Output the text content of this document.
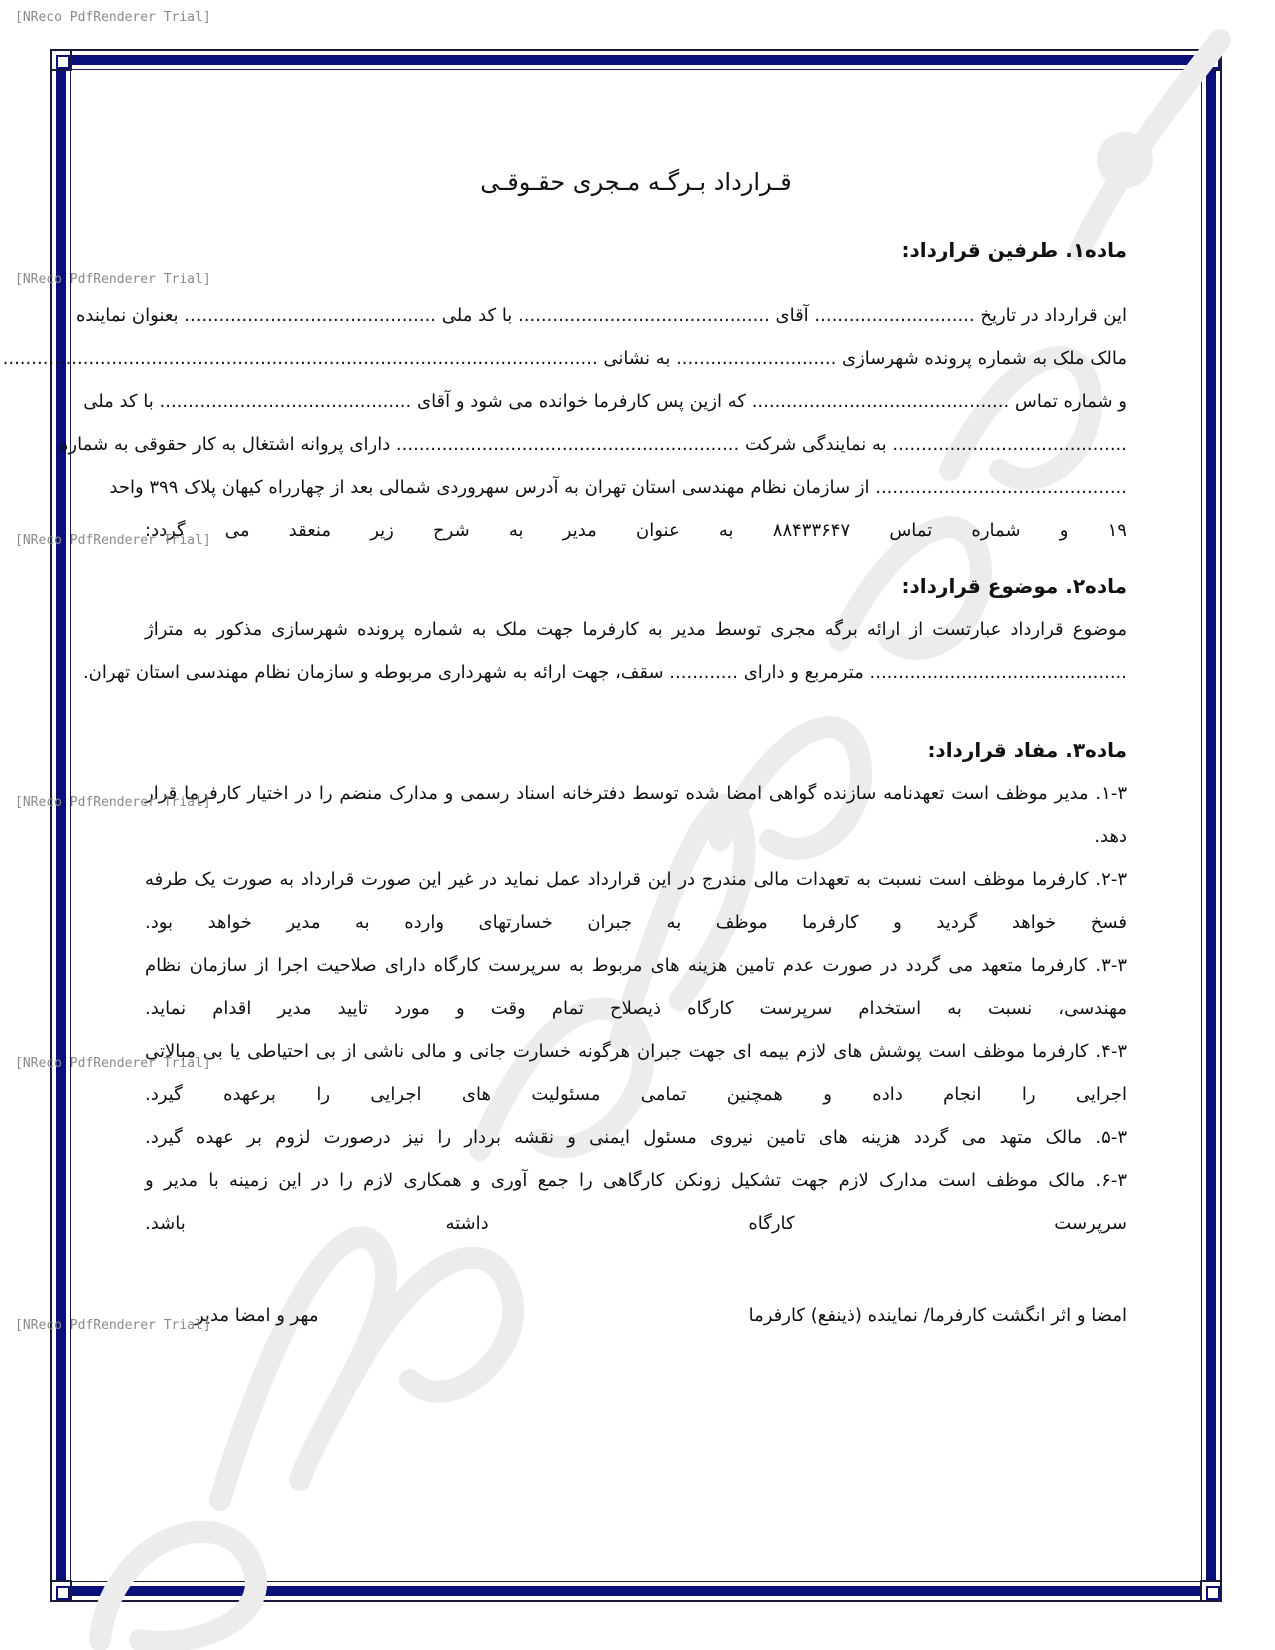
[NReco PdfRenderer Trial]
[NReco PdfRenderer Trial]
[NReco PdfRenderer Trial]
[NReco PdfRenderer Trial]
[NReco PdfRenderer Trial]
[NReco PdfRenderer Trial]
قـرارداد بـرگـه مـجری حقـوقـی
ماده۱. طرفین قرارداد:
این قرارداد در تاریخ ............................ آقای ............................................ با کد ملی ............................................ بعنوان نماینده
مالک ملک به شماره پرونده شهرسازی ............................ به نشانی ........................................................................................................
و شماره تماس ............................................. که ازین پس کارفرما خوانده می شود و آقای ............................................ با کد ملی
......................................... به نمایندگی شرکت ............................................................ دارای پروانه اشتغال به کار حقوقی به شماره
............................................ از سازمان نظام مهندسی استان تهران به آدرس سهروردی شمالی بعد از چهارراه کیهان پلاک ۳۹۹ واحد
۱۹ و شماره تماس ۸۸۴۳۳۶۴۷ به عنوان مدیر به شرح زیر منعقد می گردد:
ماده۲. موضوع قرارداد:
موضوع قرارداد عبارتست از ارائه برگه مجری توسط مدیر به کارفرما جهت ملک به شماره پرونده شهرسازی مذکور به متراژ
............................................. مترمربع و دارای ............ سقف، جهت ارائه به شهرداری مربوطه و سازمان نظام مهندسی استان تهران.
ماده۳. مفاد قرارداد:
۱-۳. مدیر موظف است تعهدنامه سازنده گواهی امضا شده توسط دفترخانه اسناد رسمی و مدارک منضم را در اختیار کارفرما قرار
دهد.
۲-۳. کارفرما موظف است نسبت به تعهدات مالی مندرج در این قرارداد عمل نماید در غیر این صورت قرارداد به صورت یک طرفه
فسخ خواهد گردید و کارفرما موظف به جبران خسارتهای وارده به مدیر خواهد بود.
۳-۳. کارفرما متعهد می گردد در صورت عدم تامین هزینه های مربوط به سرپرست کارگاه دارای صلاحیت اجرا از سازمان نظام
مهندسی، نسبت به استخدام سرپرست کارگاه ذیصلاح تمام وقت و مورد تایید مدیر اقدام نماید.
۴-۳. کارفرما موظف است پوشش های لازم بیمه ای جهت جبران هرگونه خسارت جانی و مالی ناشی از بی احتیاطی یا بی مبالاتی
اجرایی را انجام داده و همچنین تمامی مسئولیت های اجرایی را برعهده گیرد.
۵-۳. مالک متهد می گردد هزینه های تامین نیروی مسئول ایمنی و نقشه بردار را نیز درصورت لزوم بر عهده گیرد.
۶-۳. مالک موظف است مدارک لازم جهت تشکیل زونکن کارگاهی را جمع آوری و همکاری لازم را در این زمینه با مدیر و
سرپرست کارگاه داشته باشد.
امضا و اثر انگشت کارفرما/ نماینده (ذینفع) کارفرما
مهر و امضا مدیر
